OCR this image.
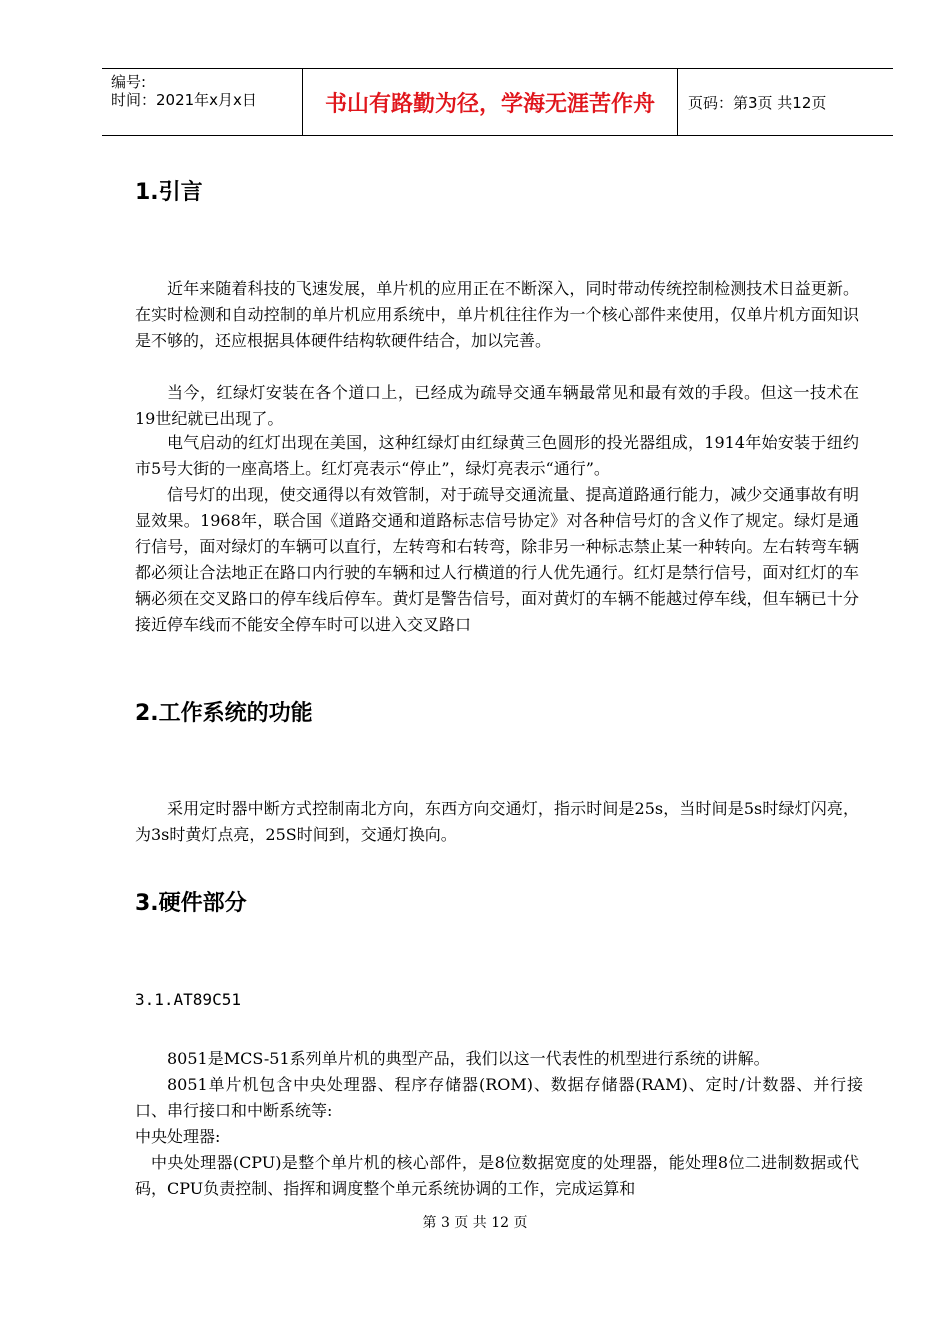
编号:
时间：2021年x月x日	书山有路勤为径，学海无涯苦作舟	页码：第3页 共12页
1.引言

近年来随着科技的飞速发展，单片机的应用正在不断深入，同时带动传统控制检测技术日益更新。在实时检测和自动控制的单片机应用系统中，单片机往往作为一个核心部件来使用，仅单片机方面知识是不够的，还应根据具体硬件结构软硬件结合，加以完善。

当今，红绿灯安装在各个道口上，已经成为疏导交通车辆最常见和最有效的手段。但这一技术在19世纪就已出现了。

电气启动的红灯出现在美国，这种红绿灯由红绿黄三色圆形的投光器组成，1914年始安装于纽约市5号大街的一座高塔上。红灯亮表示“停止”，绿灯亮表示“通行”。

信号灯的出现，使交通得以有效管制，对于疏导交通流量、提高道路通行能力，减少交通事故有明显效果。1968年，联合国《道路交通和道路标志信号协定》对各种信号灯的含义作了规定。绿灯是通行信号，面对绿灯的车辆可以直行，左转弯和右转弯，除非另一种标志禁止某一种转向。左右转弯车辆都必须让合法地正在路口内行驶的车辆和过人行横道的行人优先通行。红灯是禁行信号，面对红灯的车辆必须在交叉路口的停车线后停车。黄灯是警告信号，面对黄灯的车辆不能越过停车线，但车辆已十分接近停车线而不能安全停车时可以进入交叉路口

2.工作系统的功能

采用定时器中断方式控制南北方向，东西方向交通灯，指示时间是25s，当时间是5s时绿灯闪亮，为3s时黄灯点亮，25S时间到，交通灯换向。

3.硬件部分
3.1.AT89C51

8051是MCS-51系列单片机的典型产品，我们以这一代表性的机型进行系统的讲解。

8051单片机包含中央处理器、程序存储器(ROM)、数据存储器(RAM)、定时/计数器、并行接口、串行接口和中断系统等:

中央处理器:

中央处理器(CPU)是整个单片机的核心部件，是8位数据宽度的处理器，能处理8位二进制数据或代码，CPU负责控制、指挥和调度整个单元系统协调的工作，完成运算和

第 3 页 共 12 页
